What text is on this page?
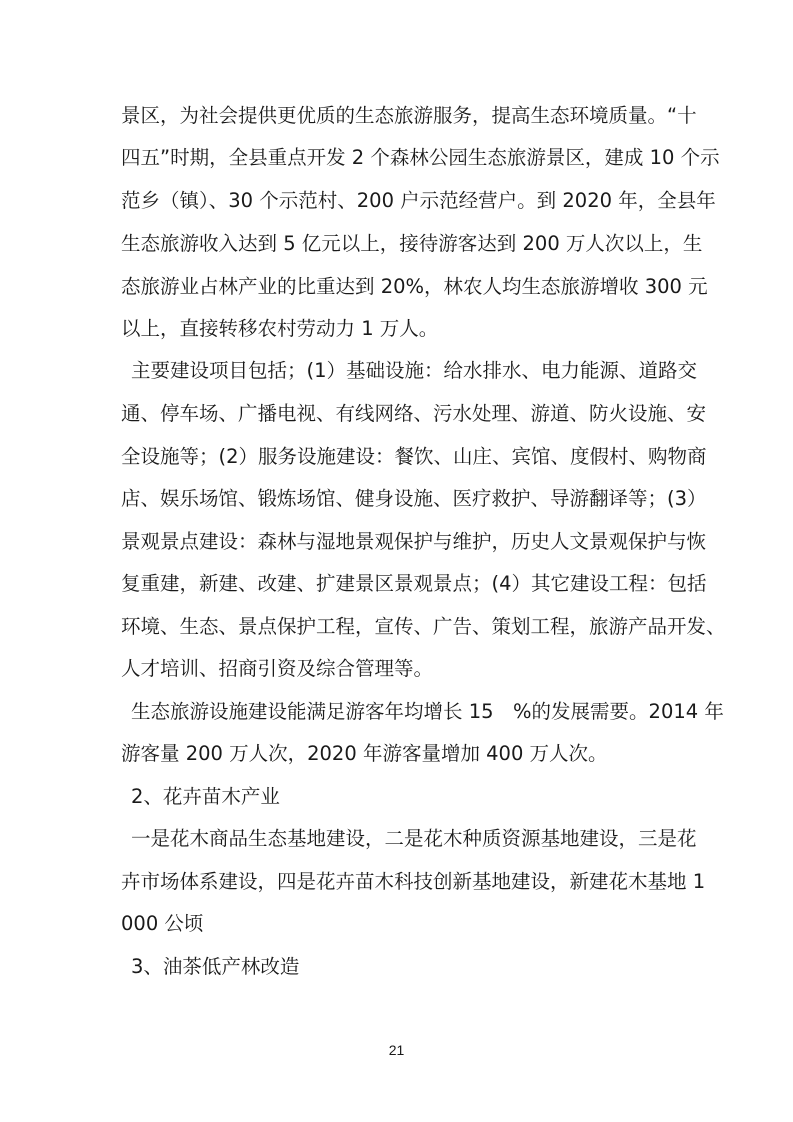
景区，为社会提供更优质的生态旅游服务，提高生态环境质量。“十
四五”时期，全县重点开发 2 个森林公园生态旅游景区，建成 10 个示
范乡（镇）、30 个示范村、200 户示范经营户。到 2020 年，全县年
生态旅游收入达到 5 亿元以上，接待游客达到 200 万人次以上，生
态旅游业占林产业的比重达到 20%，林农人均生态旅游增收 300 元
以上，直接转移农村劳动力 1 万人。
主要建设项目包括；(1）基础设施：给水排水、电力能源、道路交
通、停车场、广播电视、有线网络、污水处理、游道、防火设施、安
全设施等；(2）服务设施建设：餐饮、山庄、宾馆、度假村、购物商
店、娱乐场馆、锻炼场馆、健身设施、医疗救护、导游翻译等；(3）
景观景点建设：森林与湿地景观保护与维护，历史人文景观保护与恢
复重建，新建、改建、扩建景区景观景点；(4）其它建设工程：包括
环境、生态、景点保护工程，宣传、广告、策划工程，旅游产品开发、
人才培训、招商引资及综合管理等。
生态旅游设施建设能满足游客年均增长 15　%的发展需要。2014 年
游客量 200 万人次，2020 年游客量增加 400 万人次。
2、花卉苗木产业
一是花木商品生态基地建设，二是花木种质资源基地建设，三是花
卉市场体系建设，四是花卉苗木科技创新基地建设，新建花木基地 1
000 公顷
3、油茶低产林改造
21
